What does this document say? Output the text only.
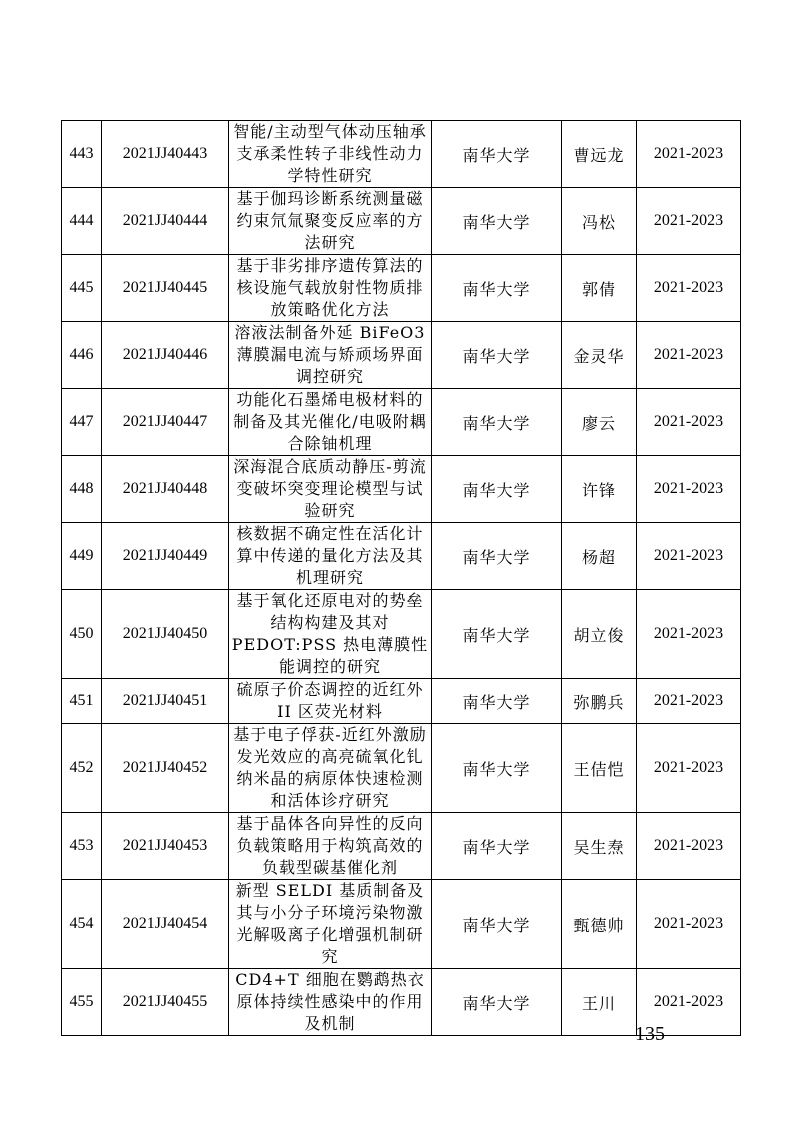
443	2021JJ40443	智能/主动型气体动压轴承支承柔性转子非线性动力学特性研究	南华大学	曹远龙	2021-2023
444	2021JJ40444	基于伽玛诊断系统测量磁约束氘氚聚变反应率的方法研究	南华大学	冯松	2021-2023
445	2021JJ40445	基于非劣排序遗传算法的核设施气载放射性物质排放策略优化方法	南华大学	郭倩	2021-2023
446	2021JJ40446	溶液法制备外延 BiFeO3 薄膜漏电流与矫顽场界面调控研究	南华大学	金灵华	2021-2023
447	2021JJ40447	功能化石墨烯电极材料的制备及其光催化/电吸附耦合除铀机理	南华大学	廖云	2021-2023
448	2021JJ40448	深海混合底质动静压-剪流变破坏突变理论模型与试验研究	南华大学	许锋	2021-2023
449	2021JJ40449	核数据不确定性在活化计算中传递的量化方法及其机理研究	南华大学	杨超	2021-2023
450	2021JJ40450	基于氧化还原电对的势垒结构构建及其对 PEDOT:PSS 热电薄膜性能调控的研究	南华大学	胡立俊	2021-2023
451	2021JJ40451	硫原子价态调控的近红外 II 区荧光材料	南华大学	弥鹏兵	2021-2023
452	2021JJ40452	基于电子俘获-近红外激励发光效应的高亮硫氧化钆纳米晶的病原体快速检测和活体诊疗研究	南华大学	王佶恺	2021-2023
453	2021JJ40453	基于晶体各向异性的反向负载策略用于构筑高效的负载型碳基催化剂	南华大学	吴生焘	2021-2023
454	2021JJ40454	新型 SELDI 基质制备及其与小分子环境污染物激光解吸离子化增强机制研究	南华大学	甄德帅	2021-2023
455	2021JJ40455	CD4+T 细胞在鹦鹉热衣原体持续性感染中的作用及机制	南华大学	王川	2021-2023
— 135 —
